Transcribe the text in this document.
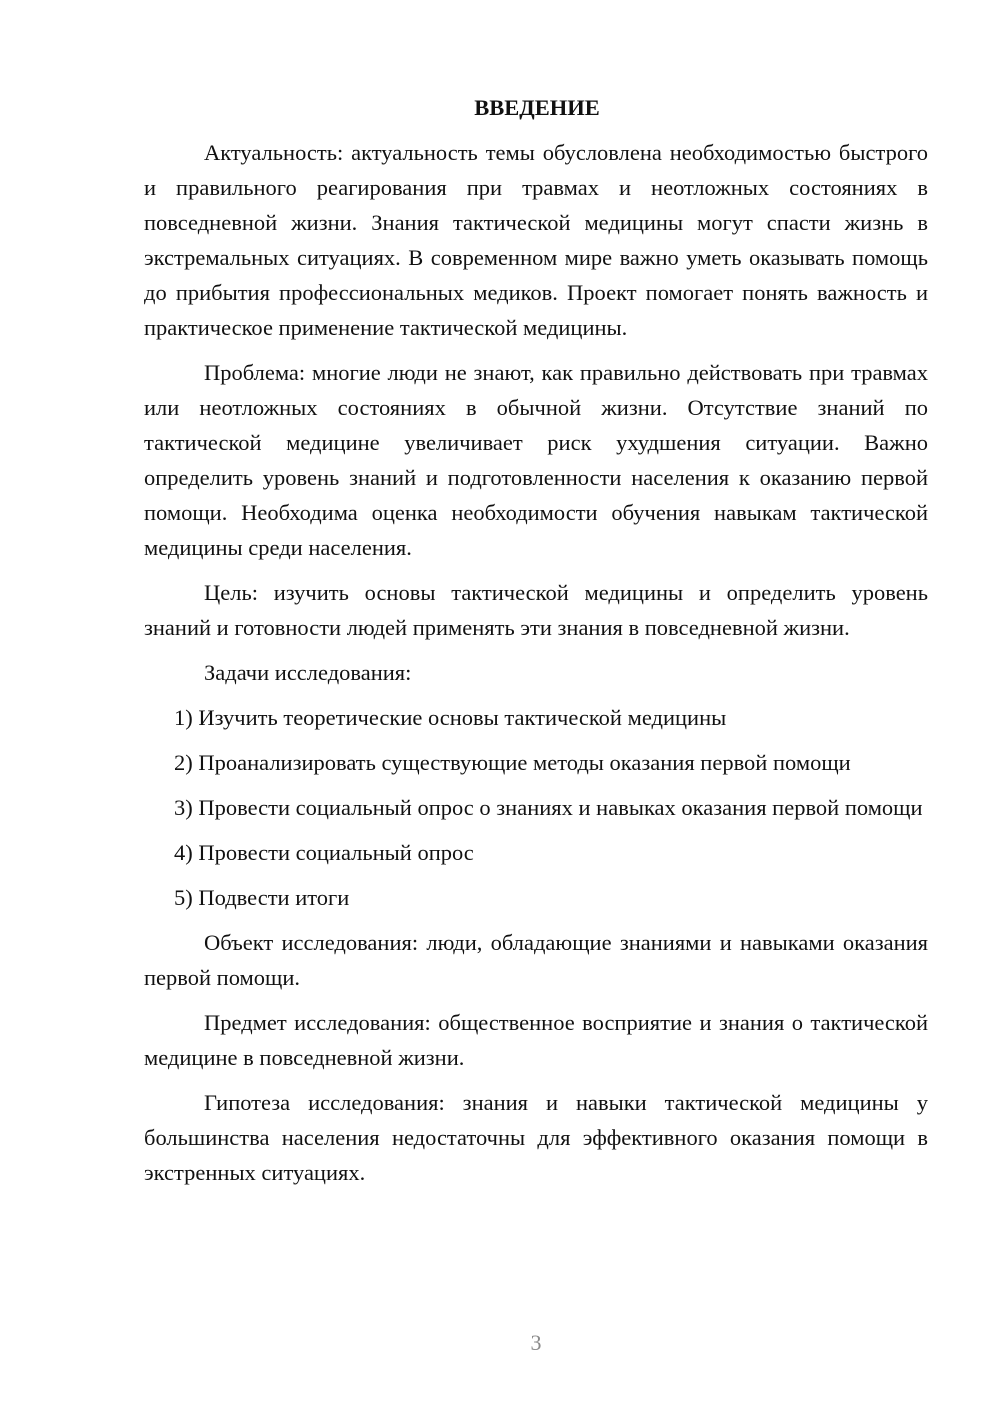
ВВЕДЕНИЕ

Актуальность: актуальность темы обусловлена необходимостью быстрого и правильного реагирования при травмах и неотложных состояниях в повседневной жизни. Знания тактической медицины могут спасти жизнь в экстремальных ситуациях. В современном мире важно уметь оказывать помощь до прибытия профессиональных медиков. Проект помогает понять важность и практическое применение тактической медицины.

Проблема: многие люди не знают, как правильно действовать при травмах или неотложных состояниях в обычной жизни. Отсутствие знаний по тактической медицине увеличивает риск ухудшения ситуации. Важно определить уровень знаний и подготовленности населения к оказанию первой помощи. Необходима оценка необходимости обучения навыкам тактической медицины среди населения.

Цель: изучить основы тактической медицины и определить уровень знаний и готовности людей применять эти знания в повседневной жизни.

Задачи исследования:

1) Изучить теоретические основы тактической медицины

2) Проанализировать существующие методы оказания первой помощи

3) Провести социальный опрос о знаниях и навыках оказания первой помощи

4) Провести социальный опрос

5) Подвести итоги

Объект исследования: люди, обладающие знаниями и навыками оказания первой помощи.

Предмет исследования: общественное восприятие и знания о тактической медицине в повседневной жизни.

Гипотеза исследования: знания и навыки тактической медицины у большинства населения недостаточны для эффективного оказания помощи в экстренных ситуациях.

3
